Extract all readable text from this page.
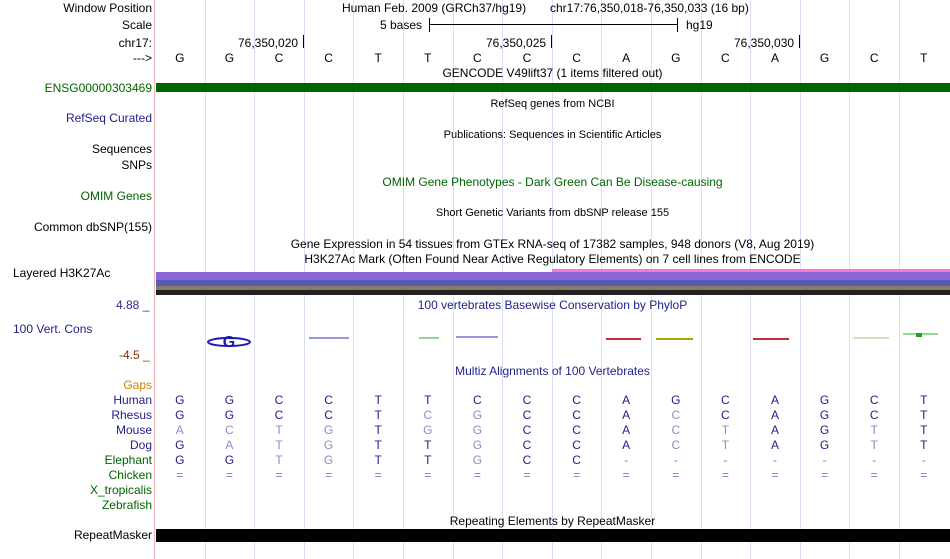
Window Position	Human Feb. 2009 (GRCh37/hg19) chr17:76,350,018-76,350,033 (16 bp)
Scale	5 bases	hg19
chr17:	76,350,020	76,350,025	76,350,030
--->	G	G	C	C	T	T	C	C	C	A	G	C	A	G	C	T
GENCODE V49lift37 (1 items filtered out)
ENSG00000303469
RefSeq genes from NCBI
RefSeq Curated
Publications: Sequences in Scientific Articles
Sequences
SNPs
OMIM Gene Phenotypes - Dark Green Can Be Disease-causing
OMIM Genes
Short Genetic Variants from dbSNP release 155
Common dbSNP(155)
Gene Expression in 54 tissues from GTEx RNA-seq of 17382 samples, 948 donors (V8, Aug 2019)
H3K27Ac Mark (Often Found Near Active Regulatory Elements) on 7 cell lines from ENCODE
Layered H3K27Ac
100 vertebrates Basewise Conservation by PhyloP
4.88 _
100 Vert. Cons
-4.5 _
G
Multiz Alignments of 100 Vertebrates
Gaps
Human	G	G	C	C	T	T	C	C	C	A	G	C	A	G	C	T
Rhesus	G	G	C	C	T	C	G	C	C	A	C	C	A	G	C	T
Mouse	A	C	T	G	T	G	G	C	C	A	C	T	A	G	T	T
Dog	G	A	T	G	T	T	G	C	C	A	C	T	A	G	T	T
Elephant	G	G	T	G	T	T	G	C	C	-	-	-	-	-	-	-
Chicken	=	=	=	=	=	=	=	=	=	=	=	=	=	=	=	=
X_tropicalis
Zebrafish
Repeating Elements by RepeatMasker
RepeatMasker
